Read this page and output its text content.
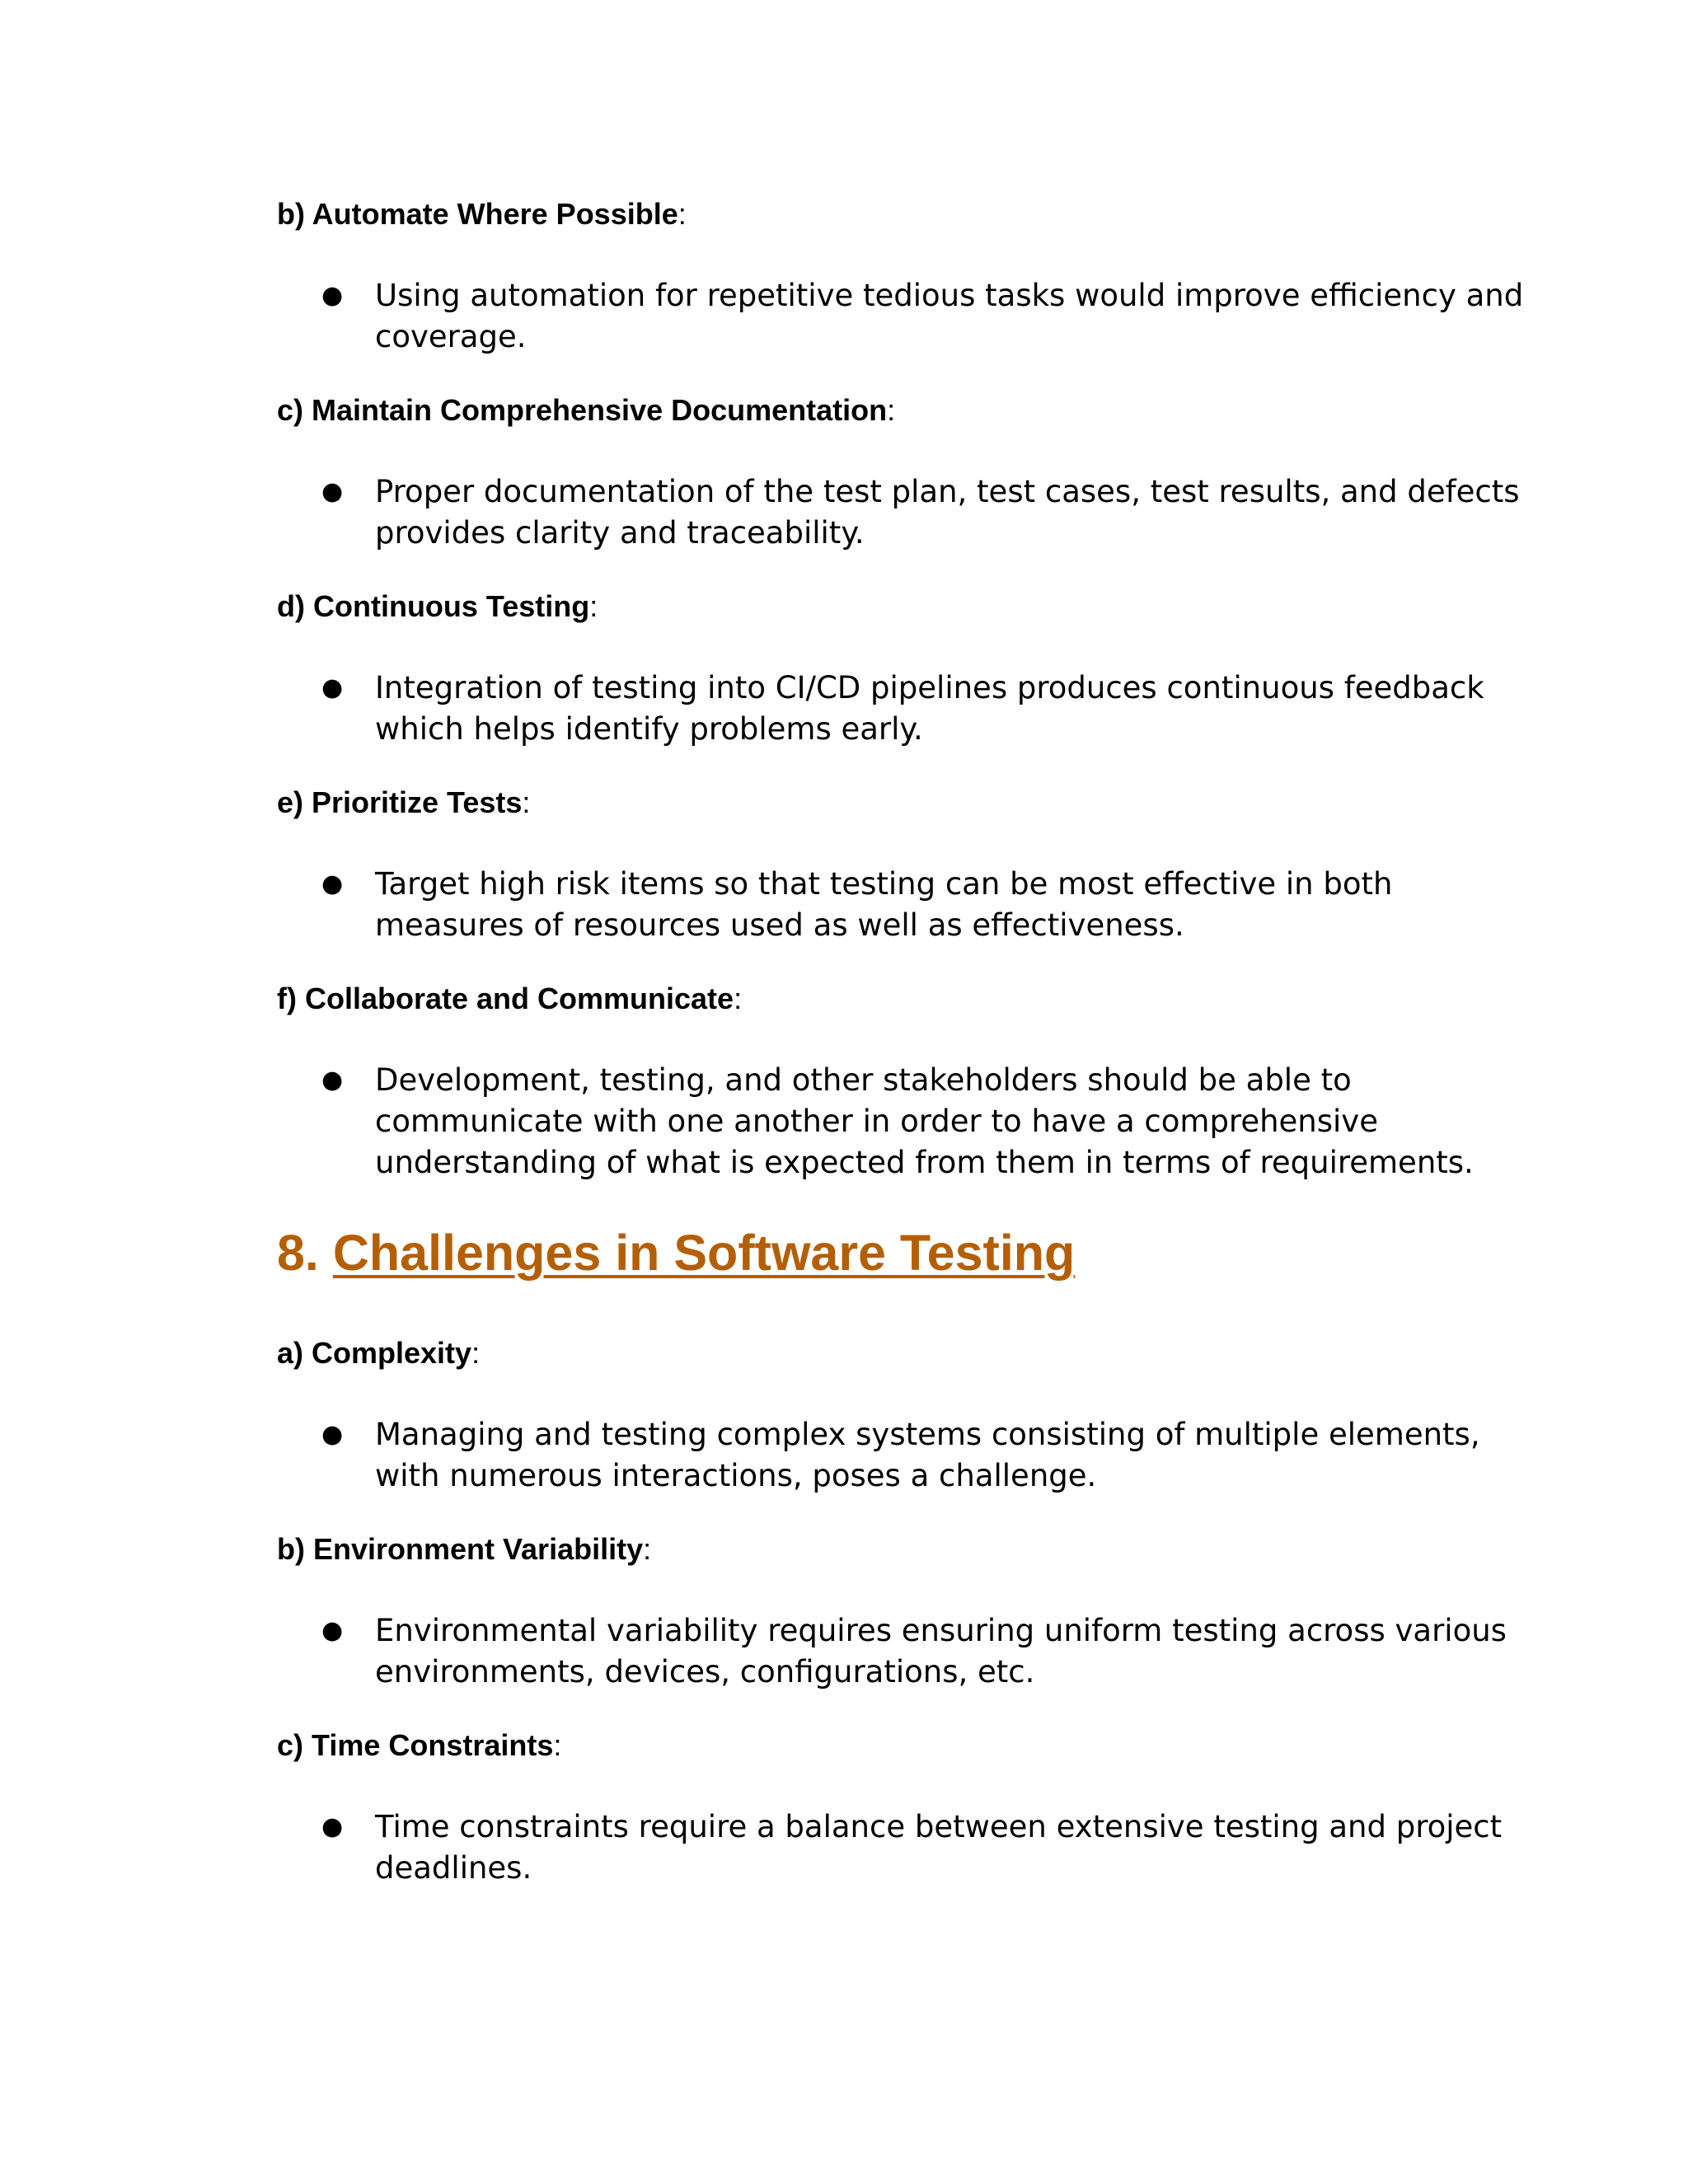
b) Automate Where Possible:
● Using automation for repetitive tedious tasks would improve efficiency and coverage.
c) Maintain Comprehensive Documentation:
● Proper documentation of the test plan, test cases, test results, and defects provides clarity and traceability.
d) Continuous Testing:
● Integration of testing into CI/CD pipelines produces continuous feedback which helps identify problems early.
e) Prioritize Tests:
● Target high risk items so that testing can be most effective in both measures of resources used as well as effectiveness.
f) Collaborate and Communicate:
● Development, testing, and other stakeholders should be able to communicate with one another in order to have a comprehensive understanding of what is expected from them in terms of requirements.
8. Challenges in Software Testing
a) Complexity:
● Managing and testing complex systems consisting of multiple elements, with numerous interactions, poses a challenge.
b) Environment Variability:
● Environmental variability requires ensuring uniform testing across various environments, devices, configurations, etc.
c) Time Constraints:
● Time constraints require a balance between extensive testing and project deadlines.
